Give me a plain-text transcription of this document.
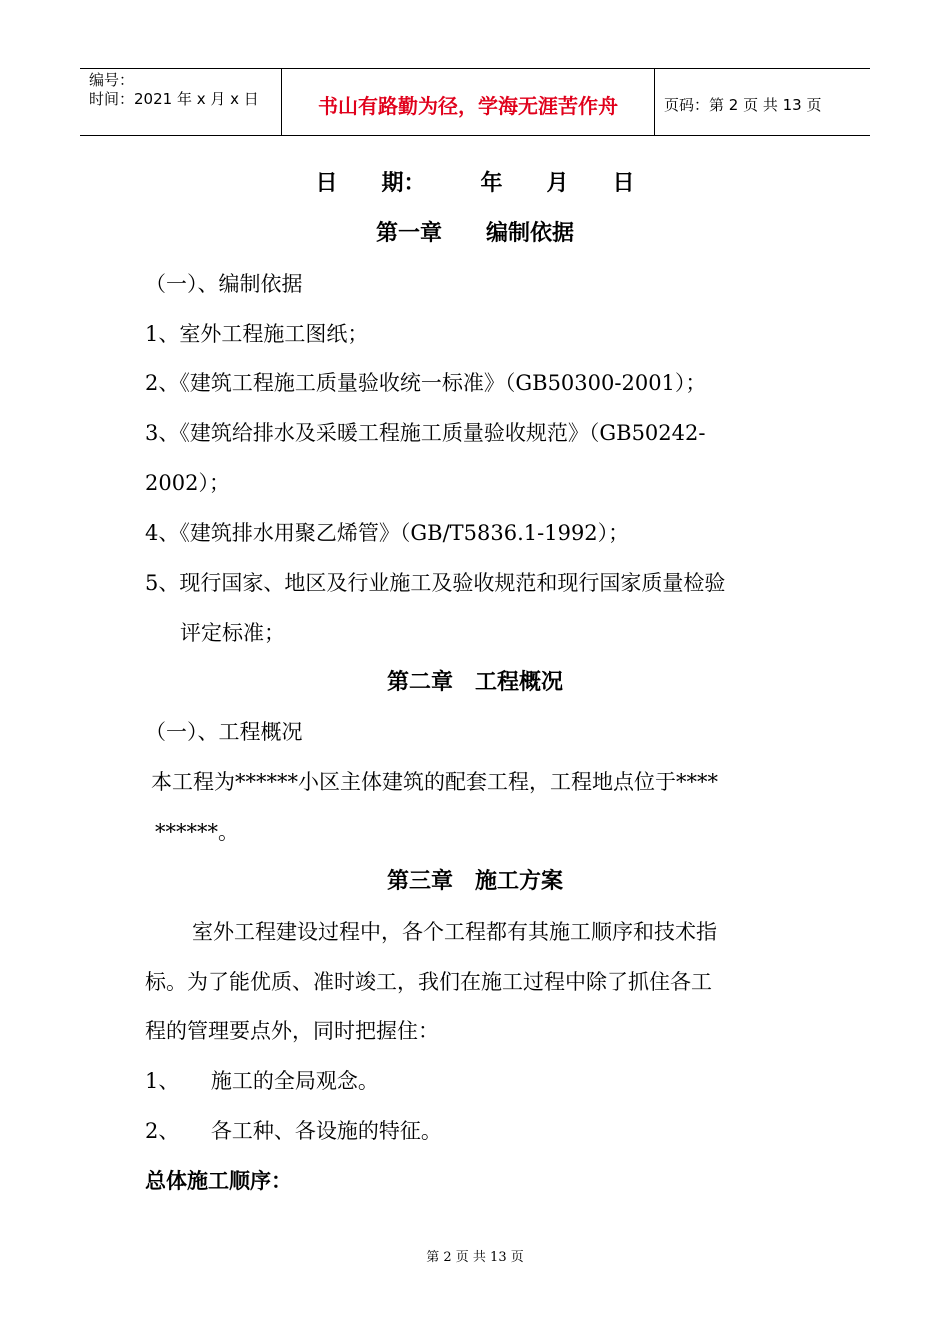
编号：
时间：2021 年 x 月 x 日	书山有路勤为径，学海无涯苦作舟	页码：第 2 页 共 13 页
日　　期：　　　年　　月　　日
第一章　　编制依据
（一）、编制依据
1、室外工程施工图纸；
2、《建筑工程施工质量验收统一标准》（GB50300-2001）；
3、《建筑给排水及采暖工程施工质量验收规范》（GB50242-
2002）；
4、《建筑排水用聚乙烯管》（GB/T5836.1-1992）；
5、现行国家、地区及行业施工及验收规范和现行国家质量检验
评定标准；
第二章　工程概况
（一）、工程概况
本工程为******小区主体建筑的配套工程，工程地点位于****
******。
第三章　施工方案
室外工程建设过程中，各个工程都有其施工顺序和技术指
标。为了能优质、准时竣工，我们在施工过程中除了抓住各工
程的管理要点外，同时把握住：
1、　　施工的全局观念。
2、　　各工种、各设施的特征。
总体施工顺序：
第 2 页 共 13 页
